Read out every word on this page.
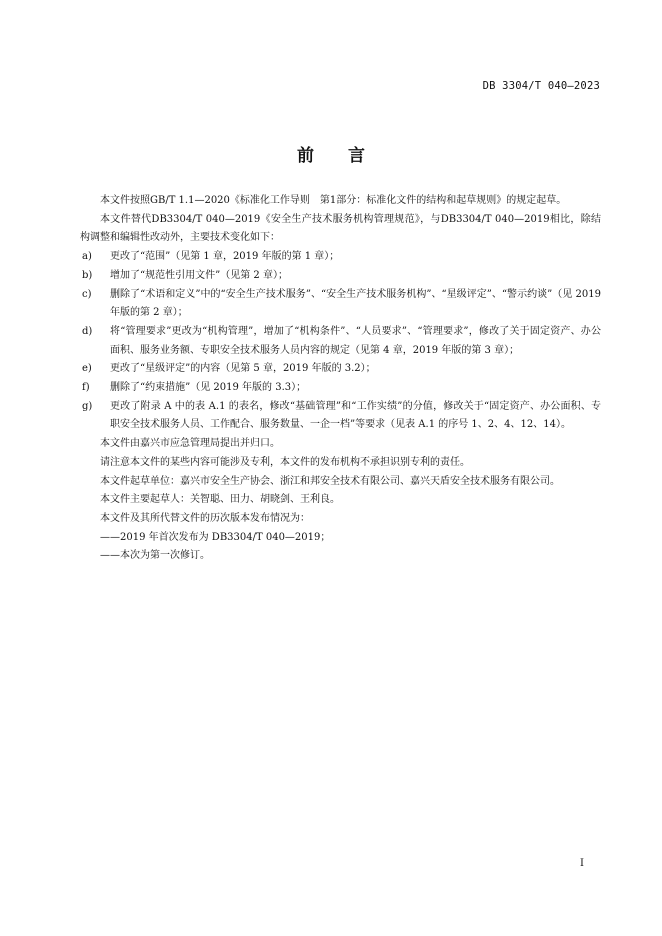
DB 3304/T 040—2023
前 言

本文件按照GB/T 1.1—2020《标准化工作导则　第1部分：标准化文件的结构和起草规则》的规定起草。

本文件替代DB3304/T 040—2019《安全生产技术服务机构管理规范》，与DB3304/T 040—2019相比，除结构调整和编辑性改动外，主要技术变化如下：

a)	更改了“范围”（见第 1 章，2019 年版的第 1 章）；
b)	增加了“规范性引用文件”（见第 2 章）；
c)	删除了“术语和定义”中的“安全生产技术服务”、“安全生产技术服务机构”、“星级评定”、“警示约谈”（见 2019 年版的第 2 章）；
d)	将“管理要求”更改为“机构管理”，增加了“机构条件”、“人员要求”、“管理要求”，修改了关于固定资产、办公面积、服务业务额、专职安全技术服务人员内容的规定（见第 4 章，2019 年版的第 3 章）；
e)	更改了“星级评定”的内容（见第 5 章，2019 年版的 3.2）；
f)	删除了“约束措施”（见 2019 年版的 3.3）；
g)	更改了附录 A 中的表 A.1 的表名，修改“基础管理”和“工作实绩”的分值，修改关于“固定资产、办公面积、专职安全技术服务人员、工作配合、服务数量、一企一档”等要求（见表 A.1 的序号 1、2、4、12、14）。

本文件由嘉兴市应急管理局提出并归口。

请注意本文件的某些内容可能涉及专利，本文件的发布机构不承担识别专利的责任。

本文件起草单位：嘉兴市安全生产协会、浙江和邦安全技术有限公司、嘉兴天盾安全技术服务有限公司。

本文件主要起草人：关智聪、田力、胡晓剑、王利良。

本文件及其所代替文件的历次版本发布情况为：

——2019 年首次发布为 DB3304/T 040—2019；

——本次为第一次修订。

I
